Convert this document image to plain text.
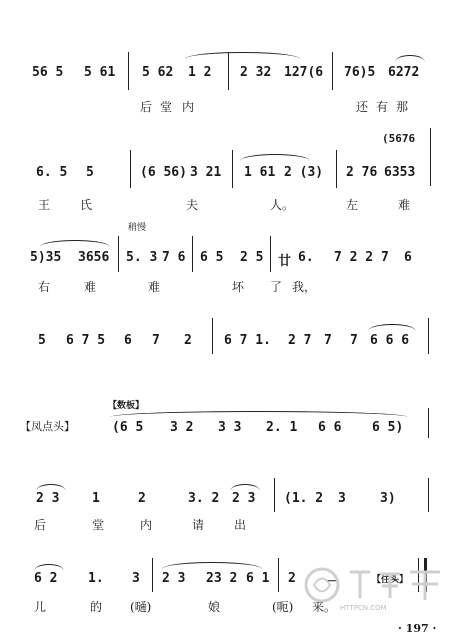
56 5 5 61 5 62 1 2 2 32 127(6 76)5 6272
后 堂 内	还 有 那
6. 5 5	(6 56) 3 21 1 61 2 (3) 2 76 6353
(5676
王 氏	夫	人。	左	难
稍慢
5)35 3656 5. 3 7 6 6 5 2 5 廿 6. 7 2 2 7 6
右	难	难	坏 了 我，
5 6 7 5 6 7 2 6 7 1. 2 7 7 7 6 6 6
【数板】
【凤点头】	(6 5 3 2 3 3 2. 1 6 6 6 5)
2 3	1	2	3. 2 2 3 (1. 2 3	3)
后	堂	内	请 出
6 2 1. 3 2 3 23 2 6 1 2 一	【住头】
儿	的 (嗵)	娘	(呃) 来。 HTTPCN.COM
· 197 ·
